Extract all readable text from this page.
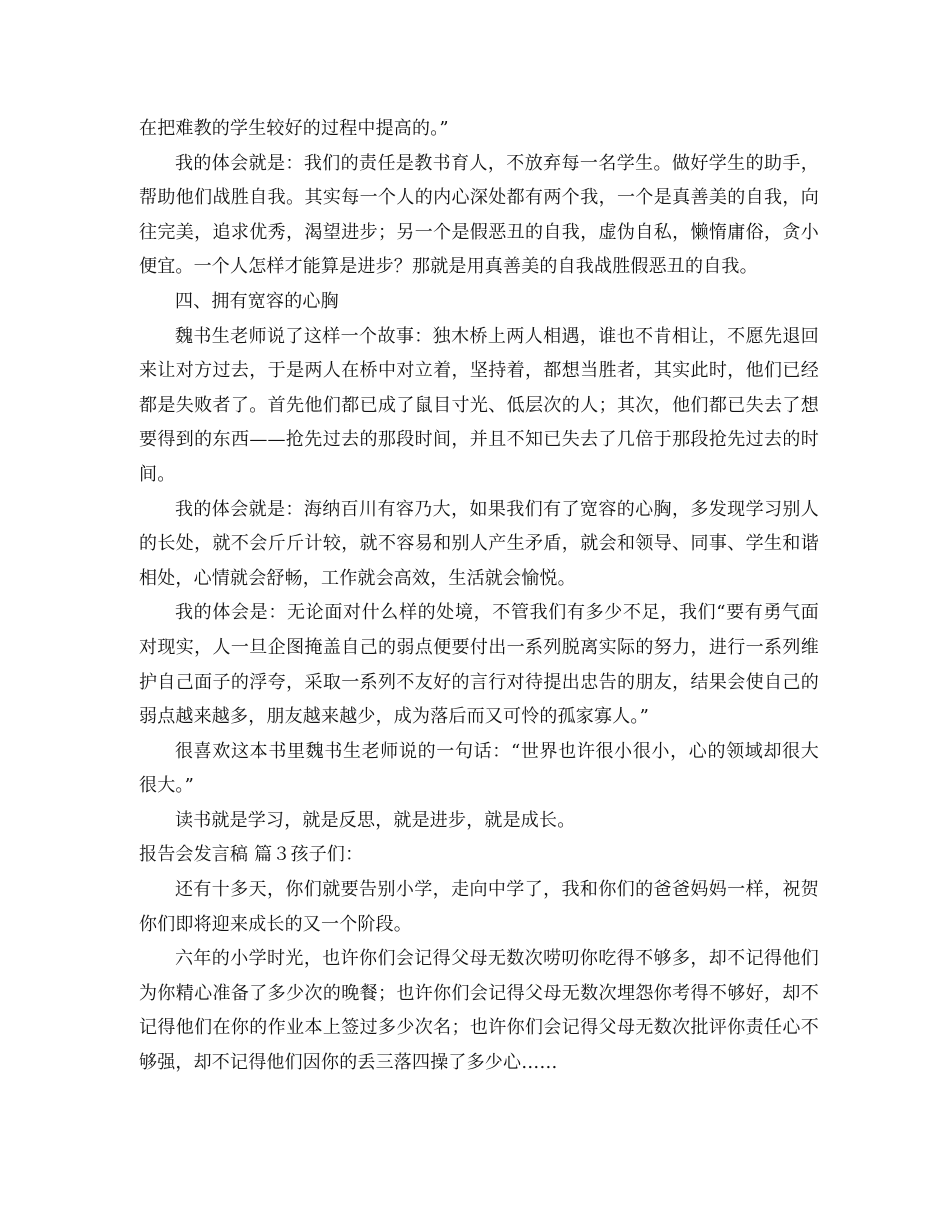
在把难教的学生较好的过程中提高的。”

我的体会就是：我们的责任是教书育人，不放弃每一名学生。做好学生的助手，帮助他们战胜自我。其实每一个人的内心深处都有两个我，一个是真善美的自我，向往完美，追求优秀，渴望进步；另一个是假恶丑的自我，虚伪自私，懒惰庸俗，贪小便宜。一个人怎样才能算是进步？那就是用真善美的自我战胜假恶丑的自我。

四、拥有宽容的心胸

魏书生老师说了这样一个故事：独木桥上两人相遇，谁也不肯相让，不愿先退回来让对方过去，于是两人在桥中对立着，坚持着，都想当胜者，其实此时，他们已经都是失败者了。首先他们都已成了鼠目寸光、低层次的人；其次，他们都已失去了想要得到的东西——抢先过去的那段时间，并且不知已失去了几倍于那段抢先过去的时间。

我的体会就是：海纳百川有容乃大，如果我们有了宽容的心胸，多发现学习别人的长处，就不会斤斤计较，就不容易和别人产生矛盾，就会和领导、同事、学生和谐相处，心情就会舒畅，工作就会高效，生活就会愉悦。

我的体会是：无论面对什么样的处境，不管我们有多少不足，我们“要有勇气面对现实，人一旦企图掩盖自己的弱点便要付出一系列脱离实际的努力，进行一系列维护自己面子的浮夸，采取一系列不友好的言行对待提出忠告的朋友，结果会使自己的弱点越来越多，朋友越来越少，成为落后而又可怜的孤家寡人。”

很喜欢这本书里魏书生老师说的一句话：“世界也许很小很小，心的领域却很大很大。”

读书就是学习，就是反思，就是进步，就是成长。

报告会发言稿 篇３孩子们：

还有十多天，你们就要告别小学，走向中学了，我和你们的爸爸妈妈一样，祝贺你们即将迎来成长的又一个阶段。

六年的小学时光，也许你们会记得父母无数次唠叨你吃得不够多，却不记得他们为你精心准备了多少次的晚餐；也许你们会记得父母无数次埋怨你考得不够好，却不记得他们在你的作业本上签过多少次名；也许你们会记得父母无数次批评你责任心不够强，却不记得他们因你的丢三落四操了多少心……
